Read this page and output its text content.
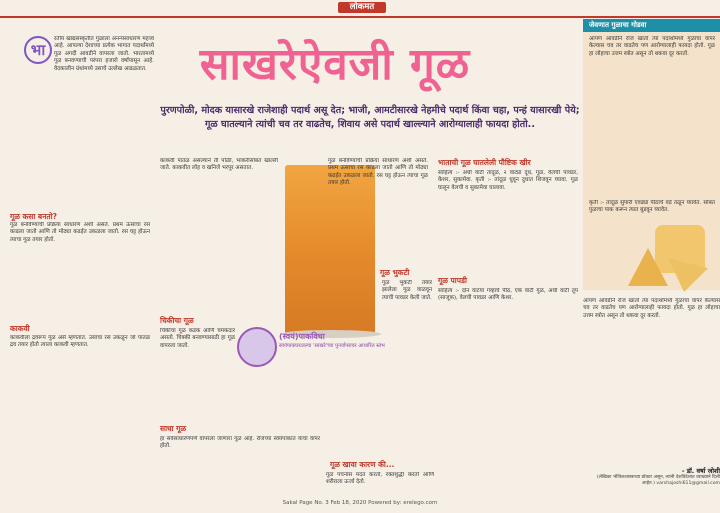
लोकमत
भा
रतीय खाद्यसंस्कृतीत गुळाला अनन्यसाधारण महत्त्व आहे. आपल्या देशाच्या प्रत्येक भागात पदार्थांमध्ये गूळ अगदी आवडीने वापरला जातो. भारतामध्ये गूळ बनवण्याची परंपरा हजारो वर्षांपासून आहे. वेदकालीन ग्रंथांमध्ये उसाचे उल्लेख आढळतात.	साखरेऐवजी गूळ
पुरणपोळी, मोदक यासारखे राजेशाही पदार्थ असू देत; भाजी, आमटीसारखे नेहमीचे पदार्थ किंवा चहा, पन्हं यासारखी पेये; गूळ घातल्याने त्यांची चव तर वाढतेच, शिवाय असे पदार्थ खाल्ल्याने आरोग्यालाही फायदा होतो..
गूळ कसा बनतो?
गूळ बनविण्याची प्रक्रिया साधारण अशी असते. प्रथम ऊसाचा रस काढला जातो आणि तो मोठ्या कढईत उकळला जातो. रस घट्ट होऊन त्याचा गूळ तयार होतो.
काकवी
काकवीला द्रवरूप गूळ असे म्हणतात. उसाचा रस उकळून जो पातळ द्रव तयार होतो त्याला काकवी म्हणतात.
काकवी पातळ असल्याने ती पोळी, भाकरीसोबत खाल्ली जाते. काकवीत लोह व खनिजे भरपूर असतात.
(स्वयं)पाकविधा
स्वयंपाकघरातल्या 'साखरे'च्या पुनर्वापरावर आधारित स्तंभ
चिकीचा गूळ
चिकीचा गूळ कडक आणि चमकदार असतो. चिक्की बनवण्यासाठी हा गूळ वापरला जातो.
साधा गूळ
हा सर्वसाधारणपणे वापरला जाणारा गूळ आहे. रोजच्या स्वयंपाकात याचा वापर होतो.
गूळ बनविण्याची प्रक्रिया साधारण अशी असते. प्रथम ऊसाचा रस काढला जातो आणि तो मोठ्या कढईत उकळला जातो. रस घट्ट होऊन त्याचा गूळ तयार होतो.
गूळ भुकटी
गूळ भुकटी तयार झालेला गूळ वाळवून त्याची पावडर केली जाते.
गूळ खावा कारण की...
गूळ पचनास मदत करतो, रक्तशुद्धी करतो आणि शरीराला ऊर्जा देतो.
भाताची गूळ घातलेली पौष्टिक खीर
साहित्य :- अर्धी वाटी तांदूळ, २ वाट्या दूध, गूळ, वेलची पावडर, केशर, सुकामेवा. कृती :- तांदूळ धुवून दुधात शिजवून घ्यावा. गूळ घालून वेलची व सुकामेवा घालावा.
गूळ पापडी
साहित्य :- दोन वाटया गव्हाचे पीठ, एक वाटी गूळ, अर्धी वाटी तूप (साजूक), वेलची पावडर आणि केशर.
जेवणात गुळाचा गोडवा
आपण आवडीने रोज खातो त्या पदार्थांमध्ये गुळाचा वापर केल्यास चव तर वाढतेच पण आरोग्यालाही फायदा होतो. गूळ हा लोहाचा उत्तम स्त्रोत असून तो थकवा दूर करतो.
कृती :- तांदूळ सुपारी एवढ्या पीठाचे वडे तळून घ्यावेत. सोबत गुळाचा पाक करून त्यात बुडवून घ्यावेत.
आपण आवडीने रोज खातो त्या पदार्थांमध्ये गुळाचा वापर केल्यास चव तर वाढतेच पण आरोग्यालाही फायदा होतो. गूळ हा लोहाचा उत्तम स्त्रोत असून तो थकवा दूर करतो.
- डॉ. वर्षा जोशी
(लेखिका भौतिकशास्त्राच्या डॉक्टर असून, त्यांनी देशविदेशात व्याख्याने दिली आहेत.) varshajoshi611@gmail.com
Sakal Page No. 3 Feb 18, 2020 Powered by: erelego.com
